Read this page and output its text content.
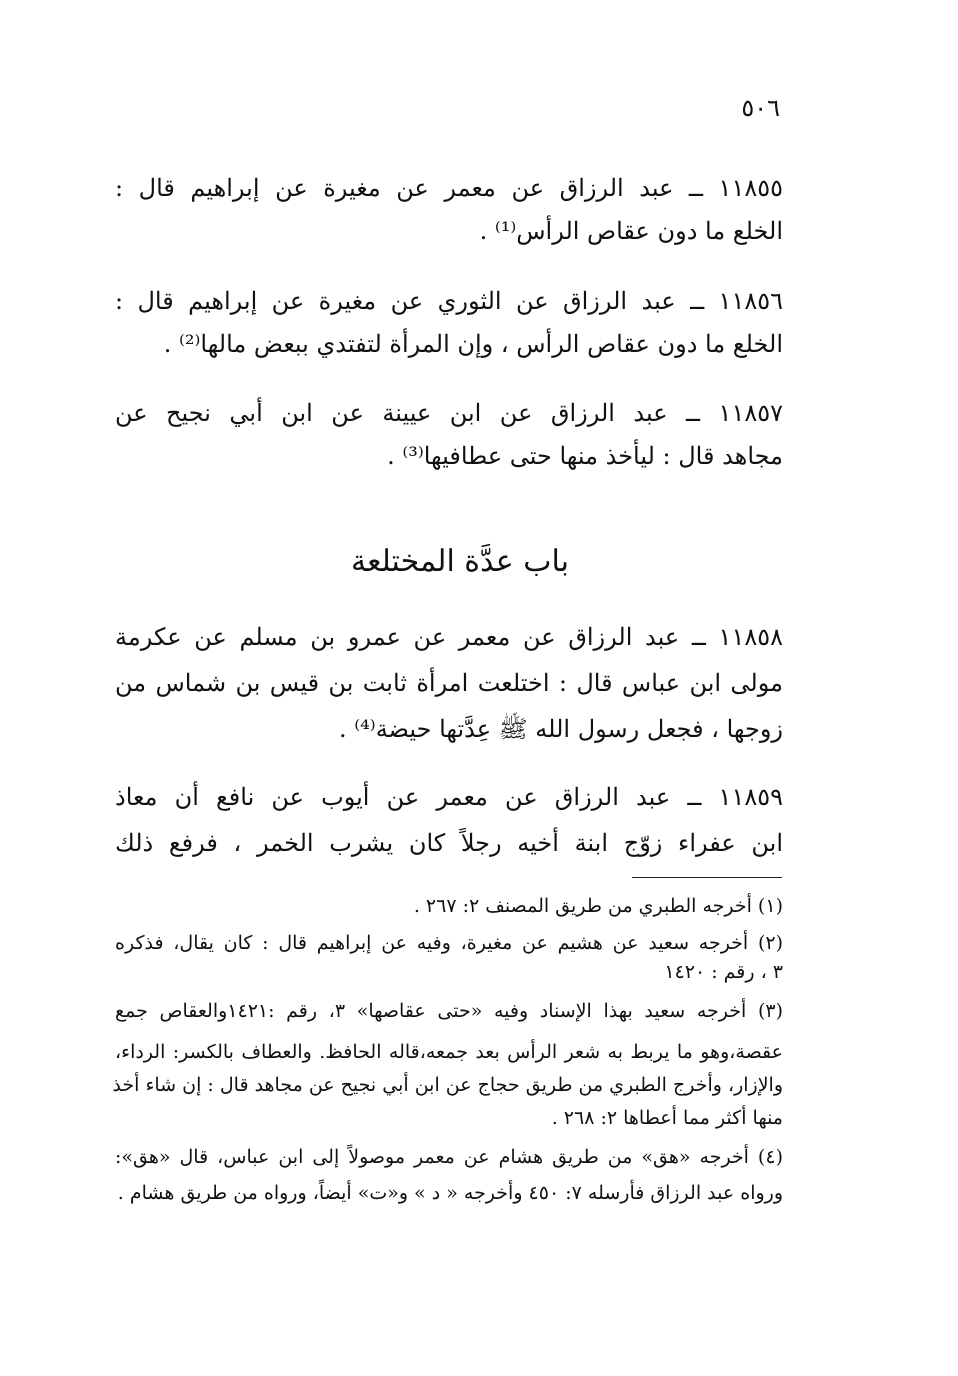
٥٠٦
١١٨٥٥ ــ عبد الرزاق عن معمر عن مغيرة عن إبراهيم قال :
الخلع ما دون عقاص الرأس⁽¹⁾ .
١١٨٥٦ ــ عبد الرزاق عن الثوري عن مغيرة عن إبراهيم قال :
الخلع ما دون عقاص الرأس ، وإن المرأة لتفتدي ببعض مالها⁽²⁾ .
١١٨٥٧ ــ عبد الرزاق عن ابن عيينة عن ابن أبي نجيح عن
مجاهد قال : ليأخذ منها حتى عطافيها⁽³⁾ .
باب عدَّة المختلعة
١١٨٥٨ ــ عبد الرزاق عن معمر عن عمرو بن مسلم عن عكرمة
مولى ابن عباس قال : اختلعت امرأة ثابت بن قيس بن شماس من
زوجها ، فجعل رسول الله ﷺ عِدَّتها حيضة⁽⁴⁾ .
١١٨٥٩ ــ عبد الرزاق عن معمر عن أيوب عن نافع أن معاذ
ابن عفراء زوّج ابنة أخيه رجلاً كان يشرب الخمر ، فرفع ذلك
(١) أخرجه الطبري من طريق المصنف ٢: ٢٦٧ .
(٢) أخرجه سعيد عن هشيم عن مغيرة، وفيه عن إبراهيم قال : كان يقال، فذكره
٣ ، رقم : ١٤٢٠
(٣) أخرجه سعيد بهذا الإسناد وفيه «حتى عقاصها» ٣، رقم :١٤٢١والعقاص جمع
عقصة،وهو ما يربط به شعر الرأس بعد جمعه،قاله الحافظ. والعطاف بالكسر: الرداء،
والإزار، وأخرج الطبري من طريق حجاج عن ابن أبي نجيح عن مجاهد قال : إن شاء أخذ
منها أكثر مما أعطاها ٢: ٢٦٨ .
(٤) أخرجه «هق» من طريق هشام عن معمر موصولاً إلى ابن عباس، قال «هق»:
ورواه عبد الرزاق فأرسله ٧: ٤٥٠ وأخرجه « د » و«ت» أيضاً، ورواه من طريق هشام .
